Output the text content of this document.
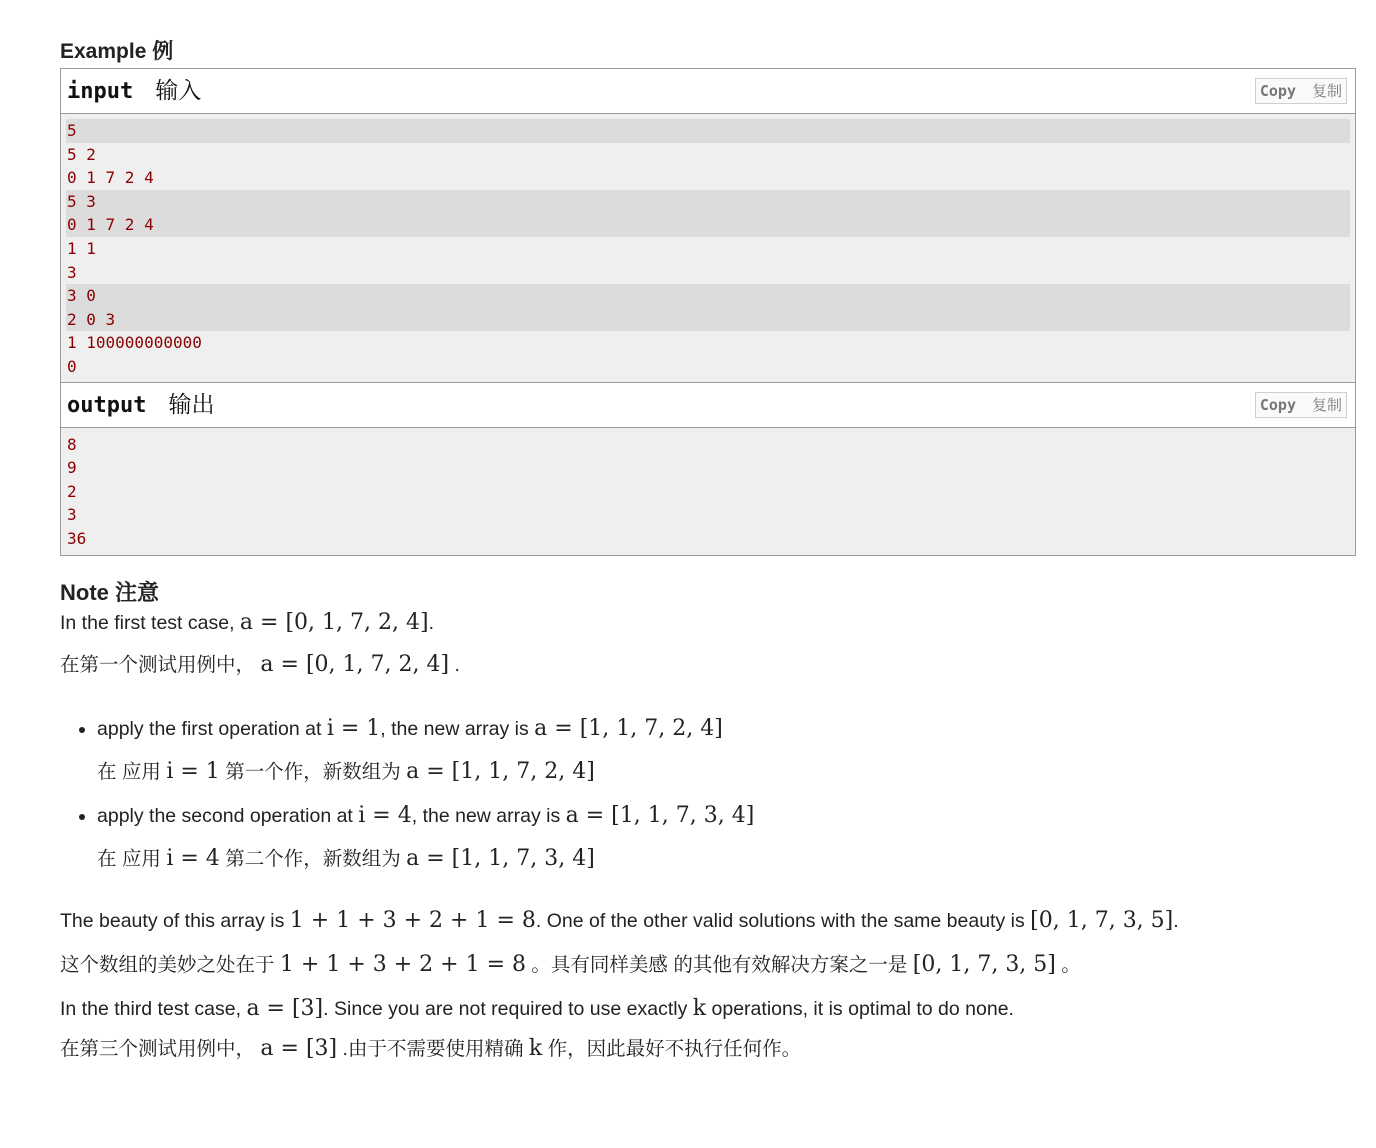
Example 例
input 输入	Copy 复制
5
5 2
0 1 7 2 4
5 3
0 1 7 2 4
1 1
3
3 0
2 0 3
1 100000000000
0
output 输出	Copy 复制
8
9
2
3
36
Note 注意

In the first test case, a = [0, 1, 7, 2, 4].

在第一个测试用例中， a = [0, 1, 7, 2, 4] .

• apply the first operation at i = 1, the new array is a = [1, 1, 7, 2, 4]
在 应用 i = 1 第一个作，新数组为 a = [1, 1, 7, 2, 4]
• apply the second operation at i = 4, the new array is a = [1, 1, 7, 3, 4]
在 应用 i = 4 第二个作，新数组为 a = [1, 1, 7, 3, 4]

The beauty of this array is 1 + 1 + 3 + 2 + 1 = 8. One of the other valid solutions with the same beauty is [0, 1, 7, 3, 5].

这个数组的美妙之处在于 1 + 1 + 3 + 2 + 1 = 8 。具有同样美感 的其他有效解决方案之一是 [0, 1, 7, 3, 5] 。

In the third test case, a = [3]. Since you are not required to use exactly k operations, it is optimal to do none.

在第三个测试用例中， a = [3] .由于不需要使用精确 k 作，因此最好不执行任何作。
